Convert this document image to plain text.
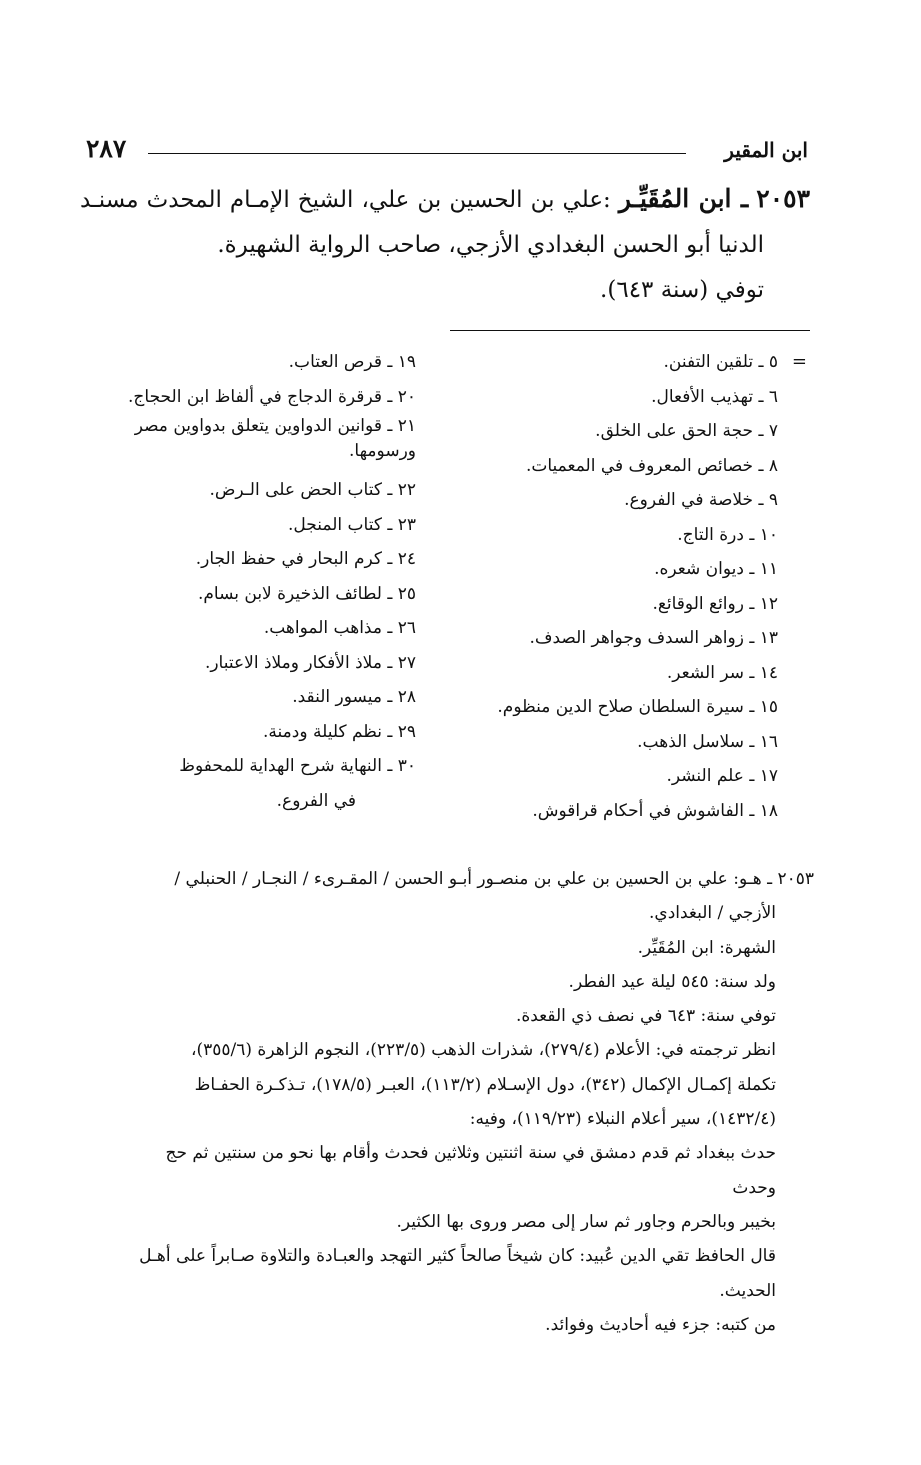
ابن المقير
٢٨٧
٢٠٥٣ ـ ابن المُقَيِّـر :علي بن الحسين بن علي، الشيخ الإمـام المحدث مسنـد
الدنيا أبو الحسن البغدادي الأزجي، صاحب الرواية الشهيرة.
توفي (سنة ٦٤٣).
=
٥ ـ تلقين التفنن.
٦ ـ تهذيب الأفعال.
٧ ـ حجة الحق على الخلق.
٨ ـ خصائص المعروف في المعميات.
٩ ـ خلاصة في الفروع.
١٠ ـ درة التاج.
١١ ـ ديوان شعره.
١٢ ـ روائع الوقائع.
١٣ ـ زواهر السدف وجواهر الصدف.
١٤ ـ سر الشعر.
١٥ ـ سيرة السلطان صلاح الدين منظوم.
١٦ ـ سلاسل الذهب.
١٧ ـ علم النشر.
١٨ ـ الفاشوش في أحكام قراقوش.
١٩ ـ قرص العتاب.
٢٠ ـ قرقرة الدجاج في ألفاظ ابن الحجاج.
٢١ ـ قوانين الدواوين يتعلق بدواوين مصر ورسومها.
٢٢ ـ كتاب الحض على الـرض.
٢٣ ـ كتاب المنجل.
٢٤ ـ كرم البحار في حفظ الجار.
٢٥ ـ لطائف الذخيرة لابن بسام.
٢٦ ـ مذاهب المواهب.
٢٧ ـ ملاذ الأفكار وملاذ الاعتبار.
٢٨ ـ ميسور النقد.
٢٩ ـ نظم كليلة ودمنة.
٣٠ ـ النهاية شرح الهداية للمحفوظ
في الفروع.
٢٠٥٣ ـ هـو: علي بن الحسين بن علي بن منصـور أبـو الحسن / المقـرىء / النجـار / الحنبلي /
الأزجي / البغدادي.
الشهرة: ابن المُقَيِّر.
ولد سنة: ٥٤٥ ليلة عيد الفطر.
توفي سنة: ٦٤٣ في نصف ذي القعدة.
انظر ترجمته في: الأعلام (٢٧٩/٤)، شذرات الذهب (٢٢٣/٥)، النجوم الزاهرة (٣٥٥/٦)،
تكملة إكمـال الإكمال (٣٤٢)، دول الإسـلام (١١٣/٢)، العبـر (١٧٨/٥)، تـذكـرة الحفـاظ
(١٤٣٢/٤)، سير أعلام النبلاء (١١٩/٢٣)، وفيه:
حدث ببغداد ثم قدم دمشق في سنة اثنتين وثلاثين فحدث وأقام بها نحو من سنتين ثم حج وحدث
بخيبر وبالحرم وجاور ثم سار إلى مصر وروى بها الكثير.
قال الحافظ تقي الدين عُبيد: كان شيخاً صالحاً كثير التهجد والعبـادة والتلاوة صـابراً على أهـل
الحديث.
من كتبه: جزء فيه أحاديث وفوائد.
